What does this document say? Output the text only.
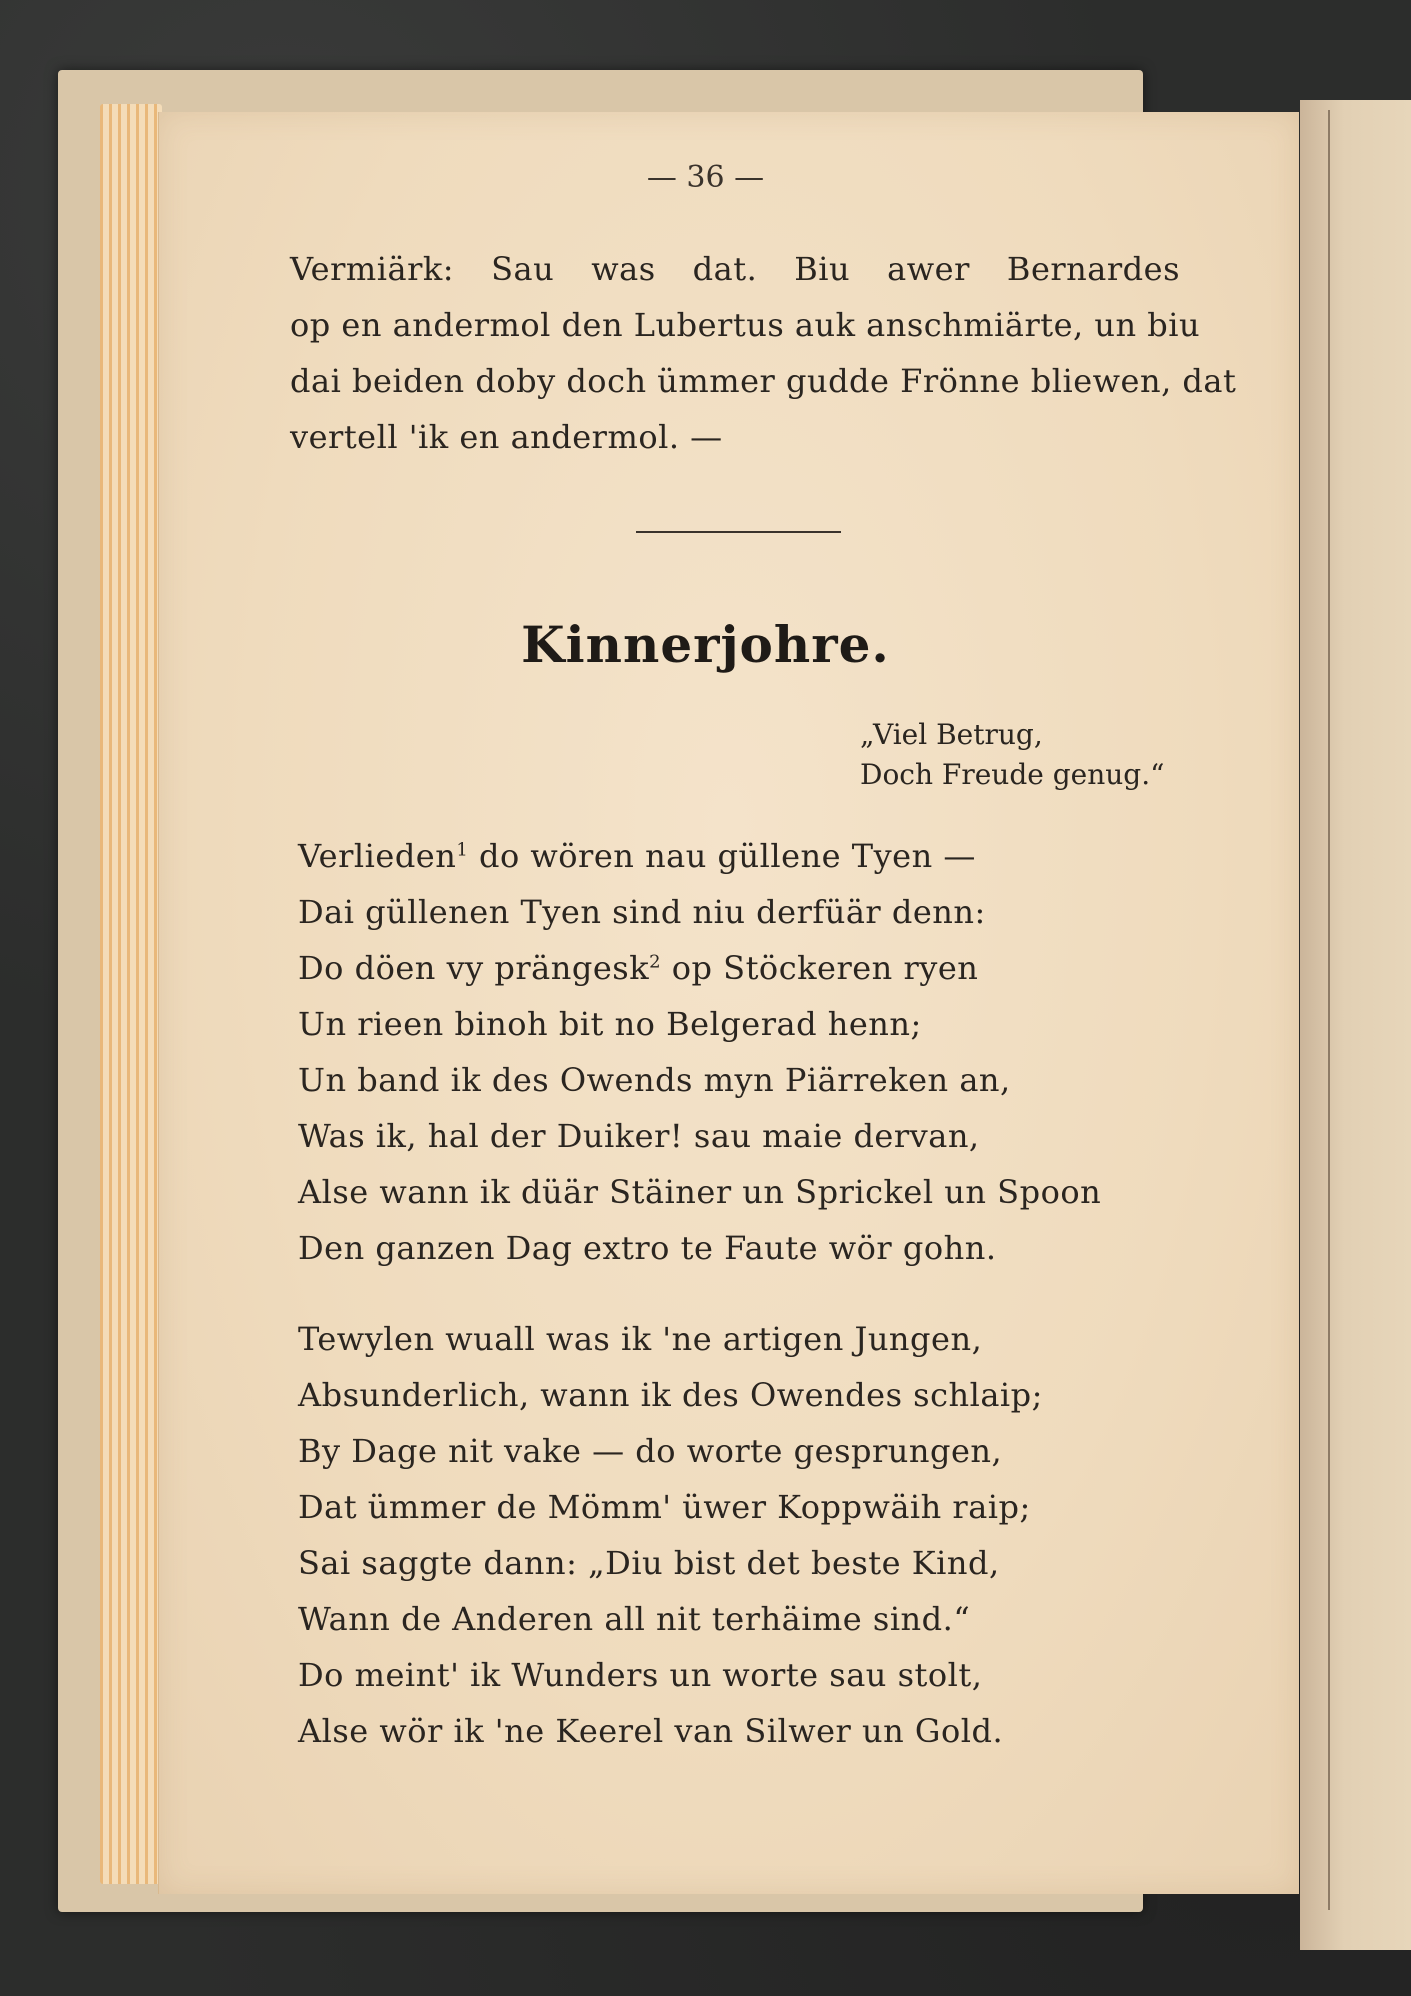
— 36 —
Vermiärk: Sau was dat. Biu awer Bernardes
op en andermol den Lubertus auk anschmiärte, un biu
dai beiden doby doch ümmer gudde Frönne bliewen, dat
vertell 'ik en andermol. —
Kinnerjohre.
„Viel Betrug,
Doch Freude genug.“
Verlieden$^1$ do wören nau güllene Tyen —
Dai güllenen Tyen sind niu derfüär denn:
Do döen vy prängesk$^2$ op Stöckeren ryen
Un rieen binoh bit no Belgerad henn;
Un band ik des Owends myn Piärreken an,
Was ik, hal der Duiker! sau maie dervan,
Alse wann ik düär Stäiner un Sprickel un Spoon
Den ganzen Dag extro te Faute wör gohn.
Tewylen wuall was ik 'ne artigen Jungen,
Absunderlich, wann ik des Owendes schlaip;
By Dage nit vake — do worte gesprungen,
Dat ümmer de Mömm' üwer Koppwäih raip;
Sai saggte dann: „Diu bist det beste Kind,
Wann de Anderen all nit terhäime sind.“
Do meint' ik Wunders un worte sau stolt,
Alse wör ik 'ne Keerel van Silwer un Gold.
